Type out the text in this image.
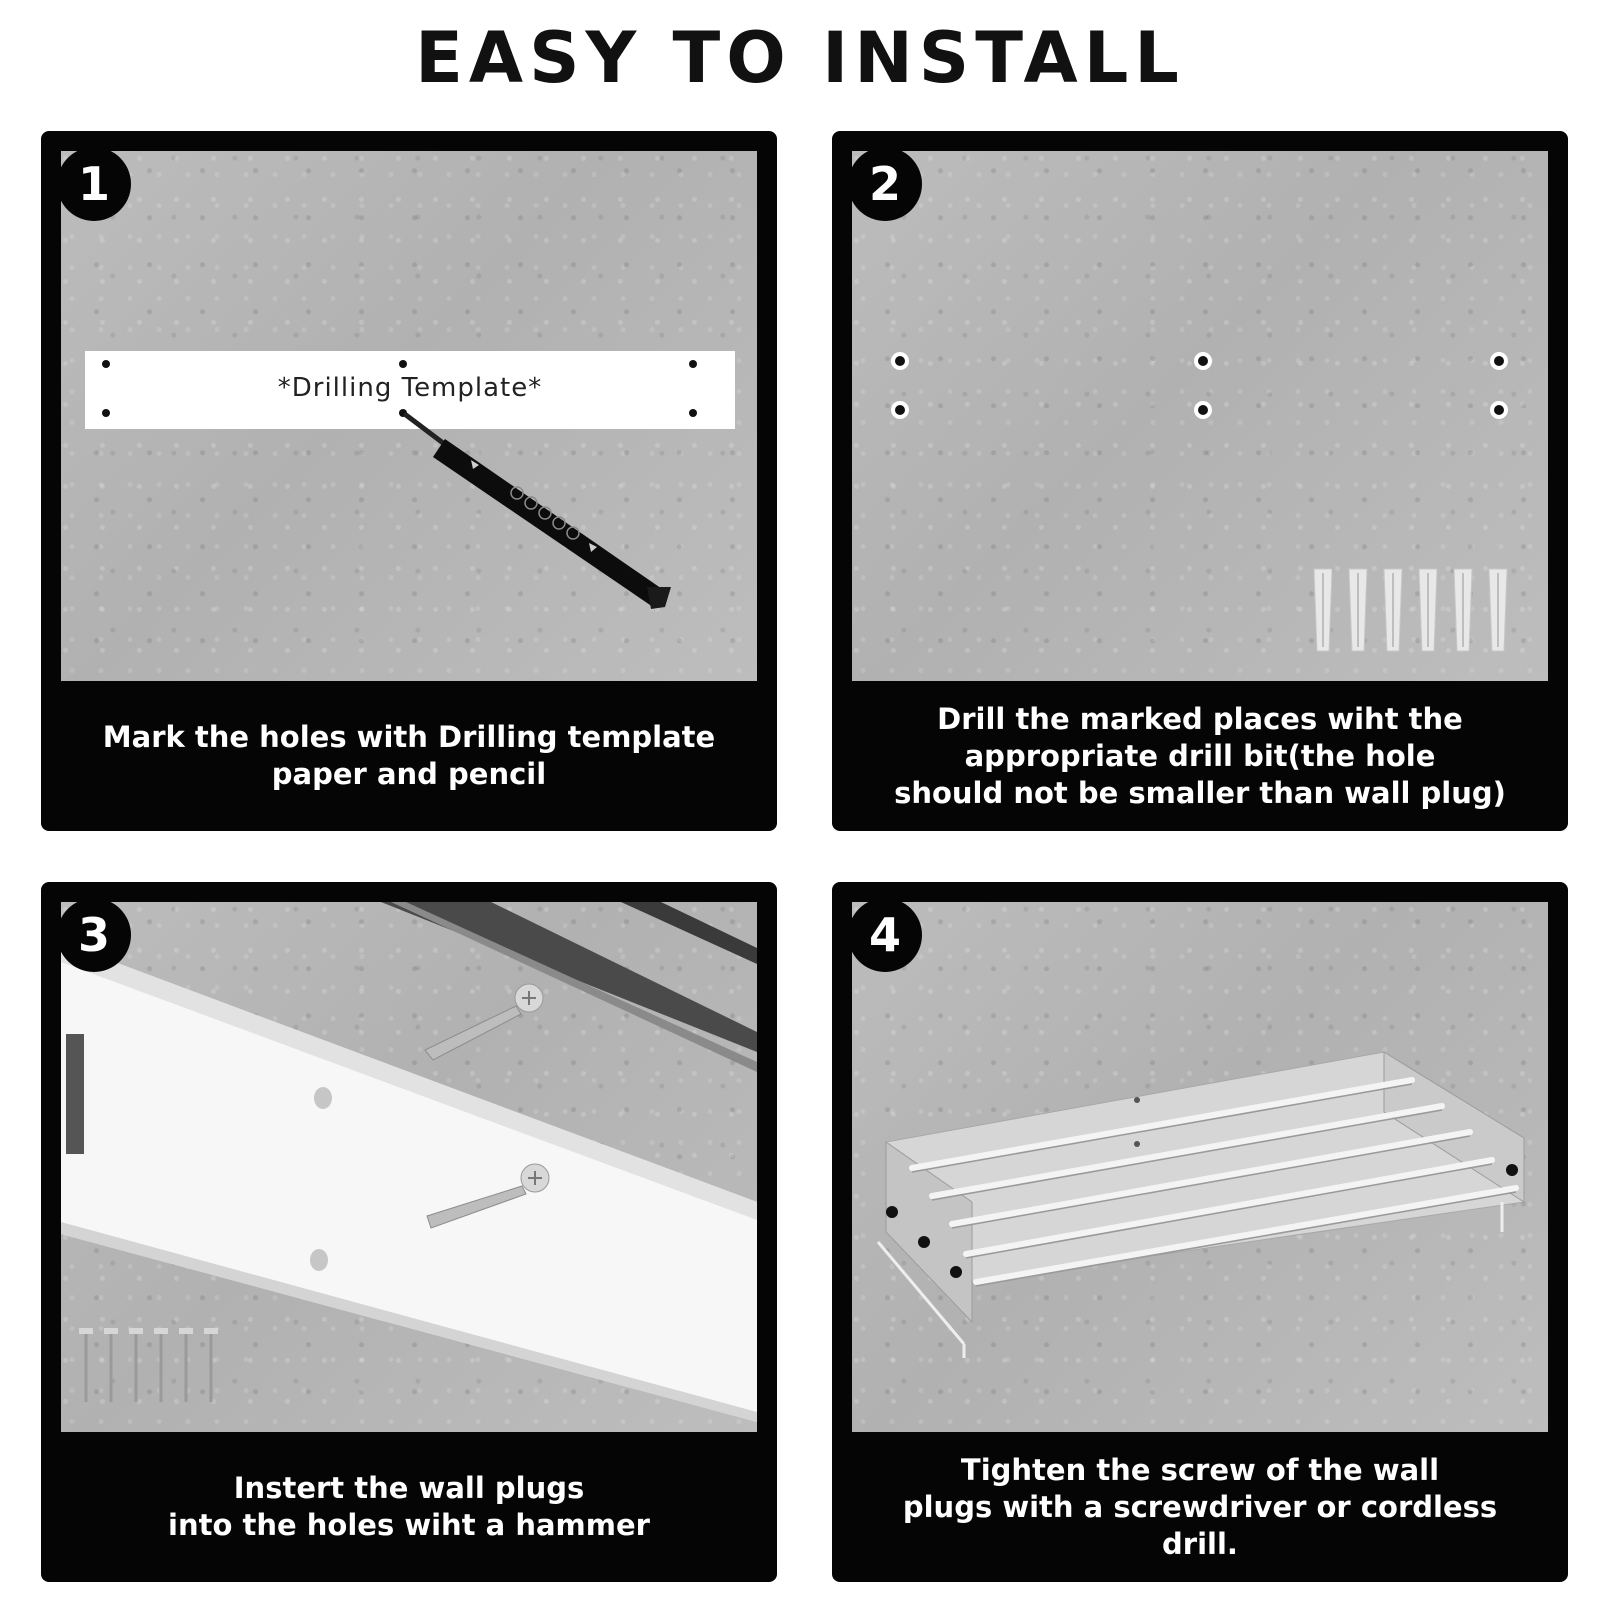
EASY TO INSTALL
*Drilling Template*
1
Mark the holes with Drilling template
paper and pencil
2
Drill the marked places wiht the
appropriate drill bit(the hole
should not be smaller than wall plug)
3
Instert the wall plugs
into the holes wiht a hammer
4
Tighten the screw of the wall
plugs with a screwdriver or cordless drill.
